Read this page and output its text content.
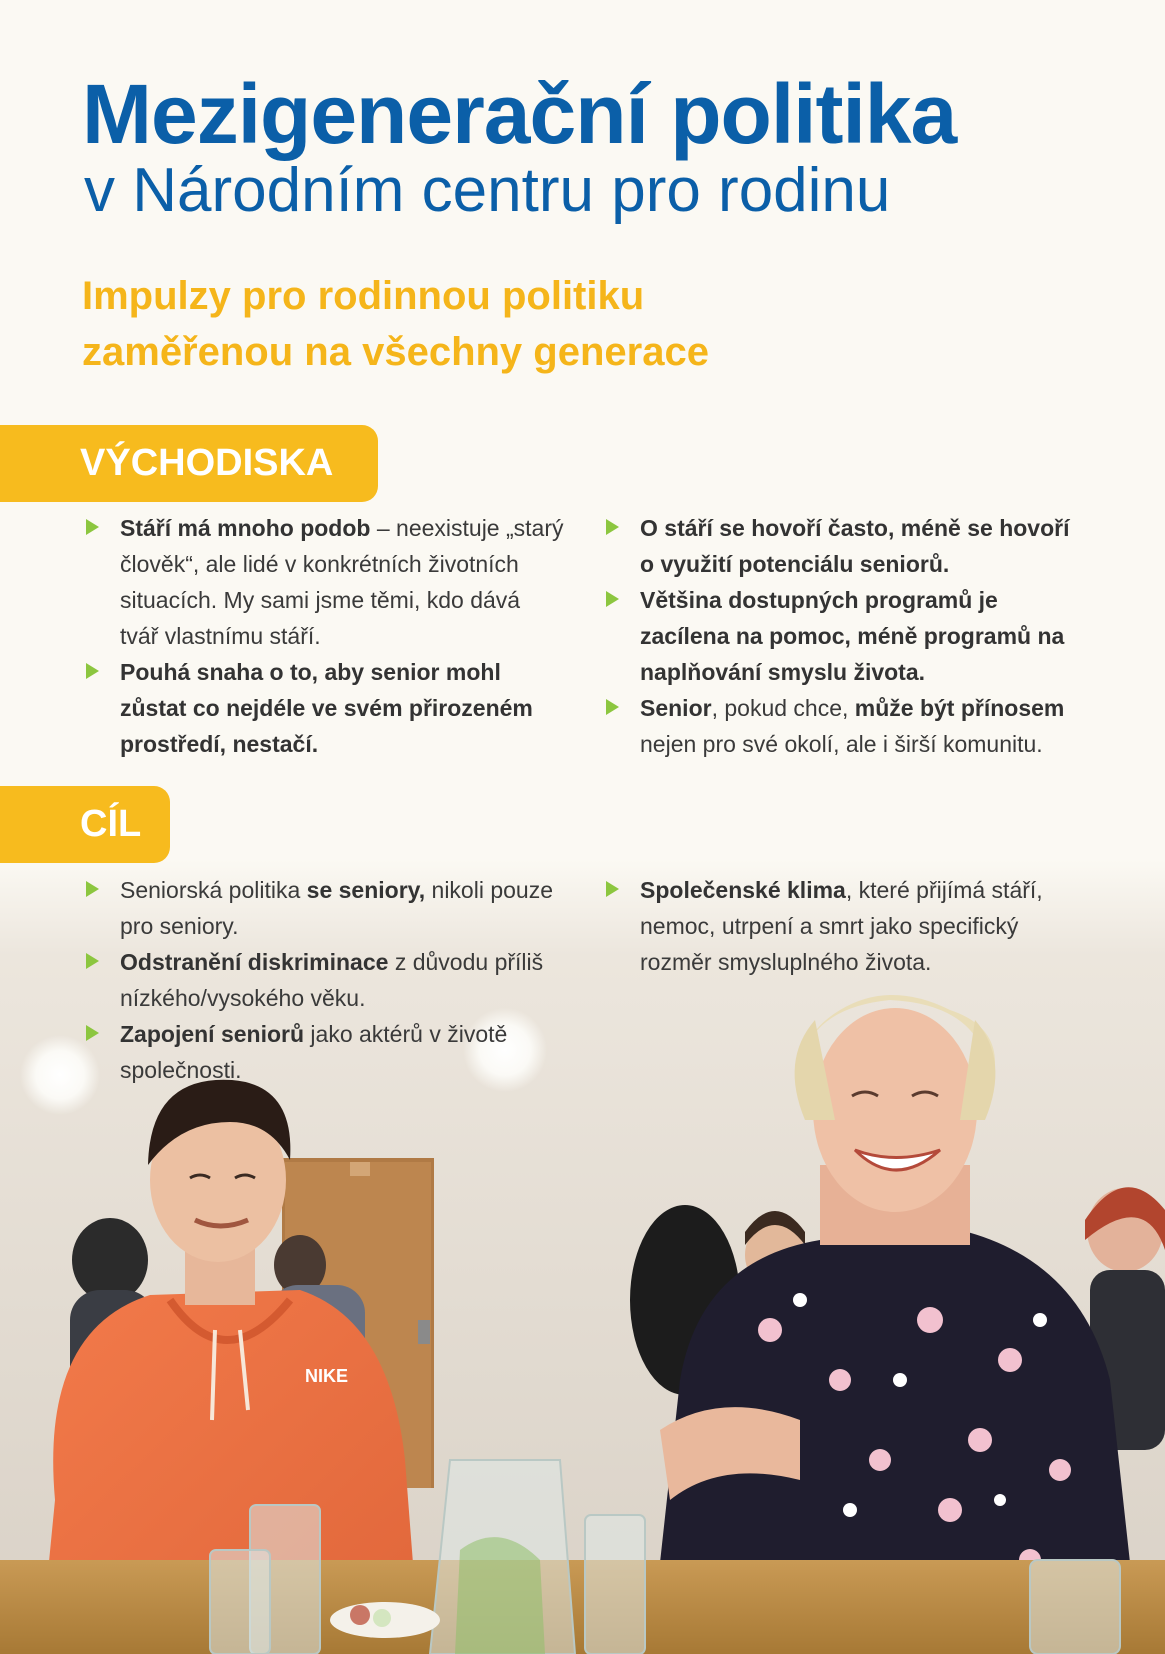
NIKE
Mezigenerační politika
v Národním centru pro rodinu

Impulzy pro rodinnou politiku
zaměřenou na všechny generace

VÝCHODISKA
Stáří má mnoho podob – neexistuje „starý člověk“, ale lidé v konkrétních životních situacích. My sami jsme těmi, kdo dává tvář vlastnímu stáří.
Pouhá snaha o to, aby senior mohl zůstat co nejdéle ve svém přirozeném prostředí, nestačí.
O stáří se hovoří často, méně se hovoří o využití potenciálu seniorů.
Většina dostupných programů je zacílena na pomoc, méně programů na naplňování smyslu života.
Senior, pokud chce, může být přínosem nejen pro své okolí, ale i širší komunitu.
CÍL
Seniorská politika se seniory, nikoli pouze pro seniory.
Odstranění diskriminace z důvodu příliš nízkého/vysokého věku.
Zapojení seniorů jako aktérů v životě společnosti.
Společenské klima, které přijímá stáří, nemoc, utrpení a smrt jako specifický rozměr smysluplného života.
